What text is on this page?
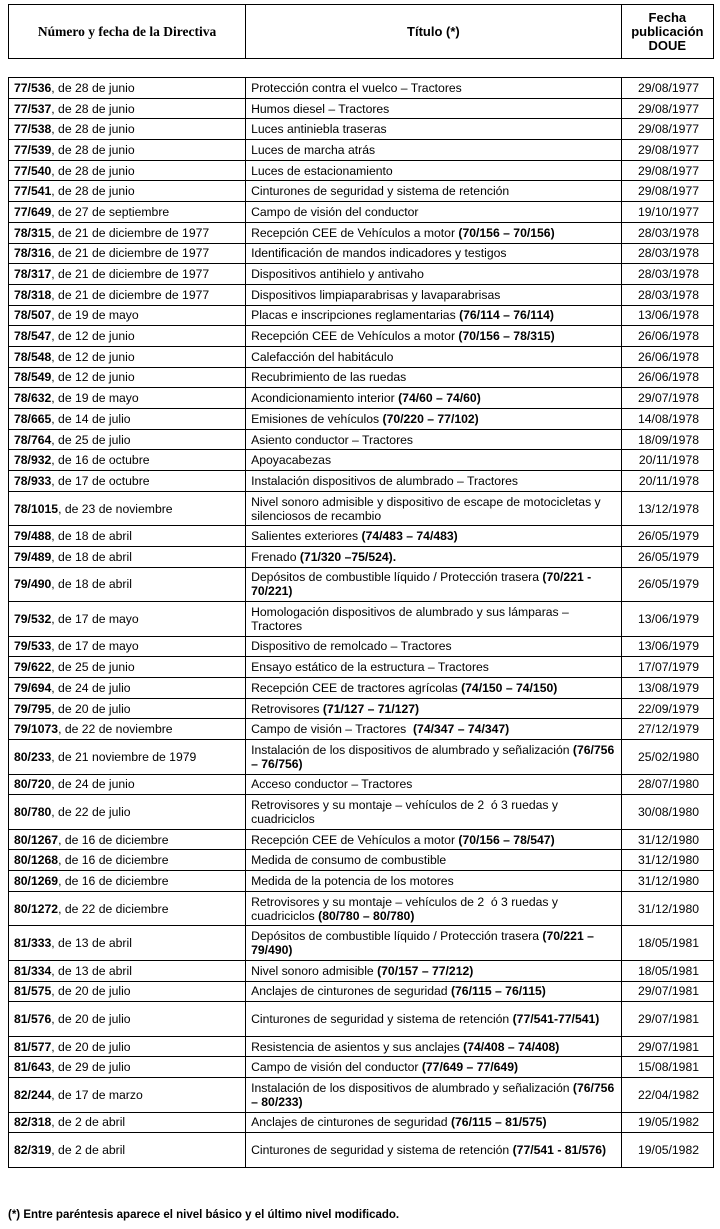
Número y fecha de la Directiva	Título (*)	Fecha
publicación
DOUE
77/536, de 28 de junio	Protección contra el vuelco – Tractores	29/08/1977
77/537, de 28 de junio	Humos diesel – Tractores	29/08/1977
77/538, de 28 de junio	Luces antiniebla traseras	29/08/1977
77/539, de 28 de junio	Luces de marcha atrás	29/08/1977
77/540, de 28 de junio	Luces de estacionamiento	29/08/1977
77/541, de 28 de junio	Cinturones de seguridad y sistema de retención	29/08/1977
77/649, de 27 de septiembre	Campo de visión del conductor	19/10/1977
78/315, de 21 de diciembre de 1977	Recepción CEE de Vehículos a motor (70/156 – 70/156)	28/03/1978
78/316, de 21 de diciembre de 1977	Identificación de mandos indicadores y testigos	28/03/1978
78/317, de 21 de diciembre de 1977	Dispositivos antihielo y antivaho	28/03/1978
78/318, de 21 de diciembre de 1977	Dispositivos limpiaparabrisas y lavaparabrisas	28/03/1978
78/507, de 19 de mayo	Placas e inscripciones reglamentarias (76/114 – 76/114)	13/06/1978
78/547, de 12 de junio	Recepción CEE de Vehículos a motor (70/156 – 78/315)	26/06/1978
78/548, de 12 de junio	Calefacción del habitáculo	26/06/1978
78/549, de 12 de junio	Recubrimiento de las ruedas	26/06/1978
78/632, de 19 de mayo	Acondicionamiento interior (74/60 – 74/60)	29/07/1978
78/665, de 14 de julio	Emisiones de vehículos (70/220 – 77/102)	14/08/1978
78/764, de 25 de julio	Asiento conductor – Tractores	18/09/1978
78/932, de 16 de octubre	Apoyacabezas	20/11/1978
78/933, de 17 de octubre	Instalación dispositivos de alumbrado – Tractores	20/11/1978
78/1015, de 23 de noviembre	Nivel sonoro admisible y dispositivo de escape de motocicletas y silenciosos de recambio	13/12/1978
79/488, de 18 de abril	Salientes exteriores (74/483 – 74/483)	26/05/1979
79/489, de 18 de abril	Frenado (71/320 –75/524).	26/05/1979
79/490, de 18 de abril	Depósitos de combustible líquido / Protección trasera (70/221 - 70/221)	26/05/1979
79/532, de 17 de mayo	Homologación dispositivos de alumbrado y sus lámparas – Tractores	13/06/1979
79/533, de 17 de mayo	Dispositivo de remolcado – Tractores	13/06/1979
79/622, de 25 de junio	Ensayo estático de la estructura – Tractores	17/07/1979
79/694, de 24 de julio	Recepción CEE de tractores agrícolas (74/150 – 74/150)	13/08/1979
79/795, de 20 de julio	Retrovisores (71/127 – 71/127)	22/09/1979
79/1073, de 22 de noviembre	Campo de visión – Tractores  (74/347 – 74/347)	27/12/1979
80/233, de 21 noviembre de 1979	Instalación de los dispositivos de alumbrado y señalización (76/756 – 76/756)	25/02/1980
80/720, de 24 de junio	Acceso conductor – Tractores	28/07/1980
80/780, de 22 de julio	Retrovisores y su montaje – vehículos de 2  ó 3 ruedas y cuadriciclos	30/08/1980
80/1267, de 16 de diciembre	Recepción CEE de Vehículos a motor (70/156 – 78/547)	31/12/1980
80/1268, de 16 de diciembre	Medida de consumo de combustible	31/12/1980
80/1269, de 16 de diciembre	Medida de la potencia de los motores	31/12/1980
80/1272, de 22 de diciembre	Retrovisores y su montaje – vehículos de 2  ó 3 ruedas y cuadriciclos (80/780 – 80/780)	31/12/1980
81/333, de 13 de abril	Depósitos de combustible líquido / Protección trasera (70/221 – 79/490)	18/05/1981
81/334, de 13 de abril	Nivel sonoro admisible (70/157 – 77/212)	18/05/1981
81/575, de 20 de julio	Anclajes de cinturones de seguridad (76/115 – 76/115)	29/07/1981
81/576, de 20 de julio	Cinturones de seguridad y sistema de retención (77/541-77/541)	29/07/1981
81/577, de 20 de julio	Resistencia de asientos y sus anclajes (74/408 – 74/408)	29/07/1981
81/643, de 29 de julio	Campo de visión del conductor (77/649 – 77/649)	15/08/1981
82/244, de 17 de marzo	Instalación de los dispositivos de alumbrado y señalización (76/756 – 80/233)	22/04/1982
82/318, de 2 de abril	Anclajes de cinturones de seguridad (76/115 – 81/575)	19/05/1982
82/319, de 2 de abril	Cinturones de seguridad y sistema de retención (77/541 - 81/576)	19/05/1982
(*) Entre paréntesis aparece el nivel básico y el último nivel modificado.
